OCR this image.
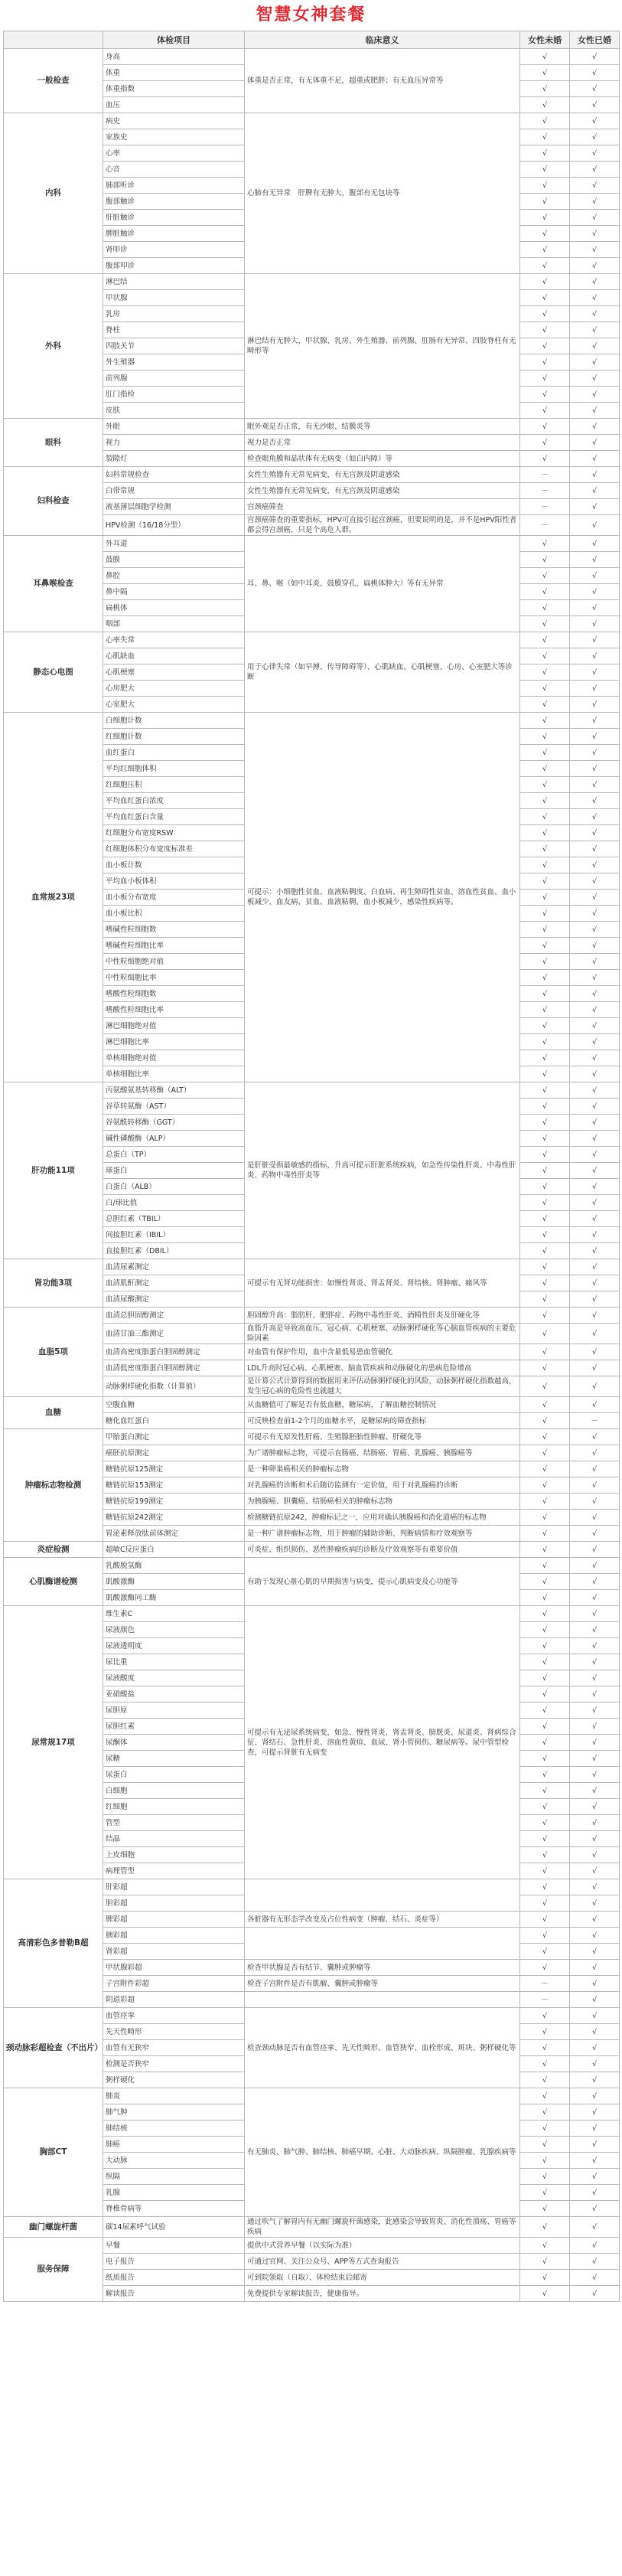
智慧女神套餐
	体检项目	临床意义	女性未婚	女性已婚
一般检查	身高	体重是否正常，有无体重不足，超重或肥胖；有无血压异常等	√	√
	体重		√	√
	体重指数		√	√
	血压		√	√
内科	病史	心肺有无异常　肝脾有无肿大，腹部有无包块等	√	√
	家族史		√	√
	心率		√	√
	心音		√	√
	肺部听诊		√	√
	腹部触诊		√	√
	肝脏触诊		√	√
	脾脏触诊		√	√
	肾叩诊		√	√
	腹部叩诊		√	√
外科	淋巴结	淋巴结有无肿大，甲状腺、乳房、外生殖器、前列腺、肛肠有无异常、四肢脊柱有无畸形等	√	√
	甲状腺		√	√
	乳房		√	√
	脊柱		√	√
	四肢关节		√	√
	外生殖器		√	√
	前列腺		√	√
	肛门指检		√	√
	皮肤		√	√
眼科	外眼	眼外观是否正常，有无沙眼、结膜炎等	√	√
	视力	视力是否正常	√	√
	裂隙灯	检查眼角膜和晶状体有无病变（如白内障）等	√	√
妇科检查	妇科常规检查	女性生殖器有无常见病变，有无宫颈及阴道感染	－	√
	白带常规	女性生殖器有无常见病变，有无宫颈及阴道感染	－	√
	液基薄层细胞学检测	宫颈癌筛查	－	√
	HPV检测（16/18分型）	宫颈癌筛查的重要指标，HPV可直接引起宫颈癌，但要说明的是，并不是HPV阳性者都会得宫颈癌，只是个高危人群。	－	√
耳鼻喉检查	外耳道	耳、鼻、喉（如中耳炎、鼓膜穿孔、扁桃体肿大）等有无异常	√	√
	鼓膜		√	√
	鼻腔		√	√
	鼻中隔		√	√
	扁桃体		√	√
	咽部		√	√
静态心电图	心率失常	用于心律失常（如早搏、传导障碍等）、心肌缺血、心肌梗塞、心房、心室肥大等诊断	√	√
	心肌缺血		√	√
	心肌梗塞		√	√
	心房肥大		√	√
	心室肥大		√	√
血常规23项	白细胞计数	可提示：小细胞性贫血、血液粘稠度、白血病、再生障碍性贫血、溶血性贫血、血小板减少、血友病、贫血、血液粘稠、血小板减少，感染性疾病等。	√	√
	红细胞计数		√	√
	血红蛋白		√	√
	平均红细胞体积		√	√
	红细胞压积		√	√
	平均血红蛋白浓度		√	√
	平均血红蛋白含量		√	√
	红细胞分布宽度RSW		√	√
	红细胞体积分布宽度标准差		√	√
	血小板计数		√	√
	平均血小板体积		√	√
	血小板分布宽度		√	√
	血小板比积		√	√
	嗜碱性粒细胞数		√	√
	嗜碱性粒细胞比率		√	√
	中性粒细胞绝对值		√	√
	中性粒细胞比率		√	√
	嗜酸性粒细胞数		√	√
	嗜酸性粒细胞比率		√	√
	淋巴细胞绝对值		√	√
	淋巴细胞比率		√	√
	单核细胞绝对值		√	√
	单核细胞比率		√	√
肝功能11项	丙氨酸氨基转移酶（ALT）	是肝脏受损最敏感的指标，升高可提示肝脏系统疾病，如急性传染性肝炎、中毒性肝炎、药物中毒性肝炎等	√	√
	谷草转氨酶（AST）		√	√
	谷氨酰转移酶（GGT）		√	√
	碱性磷酸酶（ALP）		√	√
	总蛋白（TP）		√	√
	球蛋白		√	√
	白蛋白（ALB）		√	√
	白/球比值		√	√
	总胆红素（TBIL）		√	√
	间接胆红素（IBIL）		√	√
	直接胆红素（DBIL）		√	√
肾功能3项	血清尿素测定	可提示有无肾功能损害：如慢性肾炎、肾盂肾炎、肾结核、肾肿瘤、痛风等	√	√
	血清肌酐测定		√	√
	血清尿酸测定		√	√
血脂5项	血清总胆固醇测定	胆固醇升高：脂肪肝、肥胖症、药物中毒性肝炎、酒精性肝炎及肝硬化等	√	√
	血清甘油三酯测定	血脂升高是导致高血压、冠心病、心肌梗塞、动脉粥样硬化等心脑血管疾病的主要危险因素	√	√
	血清高密度脂蛋白胆固醇测定	对血管有保护作用，血中含量低易患血管硬化	√	√
	血清低密度脂蛋白胆固醇测定	LDL升高时冠心病、心肌梗塞、脑血管疾病和动脉硬化的患病危险增高	√	√
	动脉粥样硬化指数（计算值）	是计算公式计算得到的数据用来评估动脉粥样硬化的风险，动脉粥样硬化指数越高，发生冠心病的危险性也就越大	√	√
血糖	空腹血糖	从血糖值可了解是否有低血糖，糖尿病，了解血糖控制情况	√	√
	糖化血红蛋白	可反映检查前1-2个月的血糖水平，是糖尿病的筛查指标	√	－
肿瘤标志物检测	甲胎蛋白测定	可提示有无原发性肝癌、生殖腺胚胎性肿瘤、肝硬化等	√	√
	癌胚抗原测定	为广谱肿瘤标志物，可提示直肠癌、结肠癌、胃癌、乳腺癌、胰腺癌等	√	√
	糖链抗原125测定	是一种卵巢癌相关的肿瘤标志物	√	√
	糖链抗原153测定	对乳腺癌的诊断和术后随访监测有一定价值，用于对乳腺癌的诊断	√	√
	糖链抗原199测定	为胰腺癌、胆囊癌、结肠癌相关的肿瘤标志物	√	√
	糖链抗原242测定	检测糖链抗原242，肿瘤标记之一，应用对确认胰腺癌和消化道癌的标志物	√	√
	胃泌素释放肽前体测定	是一种广谱肿瘤标志物，用于肿瘤的辅助诊断、判断病情和疗效观察等	√	√
炎症检测	超敏C反应蛋白	可炎症、组织损伤、恶性肿瘤疾病的诊断及疗效观察等有重要价值	√	√
心肌酶谱检测	乳酸脱氢酶	有助于发现心脏心肌的早期损害与病变，提示心肌病变及心功能等	√	√
	肌酸激酶		√	√
	肌酸激酶同工酶		√	√
尿常规17项	维生素C	可提示有无泌尿系统病变，如急、慢性肾炎、肾盂肾炎、膀胱炎、尿道炎、肾病综合征、肾结石、急性肝炎、溶血性黄疸、血尿、肾小管损伤、糖尿病等。尿中管型检查，可提示肾脏有无病变	√	√
	尿液颜色		√	√
	尿液透明度		√	√
	尿比重		√	√
	尿液酸度		√	√
	亚硝酸盐		√	√
	尿胆原		√	√
	尿胆红素		√	√
	尿酮体		√	√
	尿糖		√	√
	尿蛋白		√	√
	白细胞		√	√
	红细胞		√	√
	管型		√	√
	结晶		√	√
	上皮细胞		√	√
	病理管型		√	√
高清彩色多普勒B超	肝彩超		√	√
	胆彩超		√	√
	脾彩超	各脏器有无形态学改变及占位性病变（肿瘤、结石、炎症等）	√	√
	胰彩超		√	√
	肾彩超		√	√
	甲状腺彩超	检查甲状腺是否有结节、囊肿或肿瘤等	√	√
	子宫附件彩超	检查子宫附件是否有肌瘤、囊肿或肿瘤等	－	√
	阴道彩超		－	√
颈动脉彩超检查（不出片）	血管痉挛	检查颈动脉是否有血管痉挛、先天性畸形、血管狭窄、血栓形成、斑块、粥样硬化等	√	√
	先天性畸形		√	√
	血管有无狭窄		√	√
	检测是否狭窄		√	√
	粥样硬化		√	√
胸部CT	肺炎	有无肺炎、肺气肿、肺结核、肺癌早期、心脏、大动脉疾病、纵隔肿瘤、乳腺疾病等	√	√
	肺气肿		√	√
	肺结核		√	√
	肺癌		√	√
	大动脉		√	√
	纵隔		√	√
	乳腺		√	√
	脊椎骨病等		√	√
幽门螺旋杆菌	碳14尿素呼气试验	通过吹气了解胃内有无幽门螺旋杆菌感染，此感染会导致胃炎、消化性溃疡、胃癌等疾病	√	√
服务保障	早餐	提供中式营养早餐（以实际为准）	√	√
	电子报告	可通过官网、关注公众号、APP等方式查询报告	√	√
	纸质报告	可到院领取（自取）、体检结束后邮寄	√	√
	解读报告	免费提供专家解读报告，健康指导。	√	√
